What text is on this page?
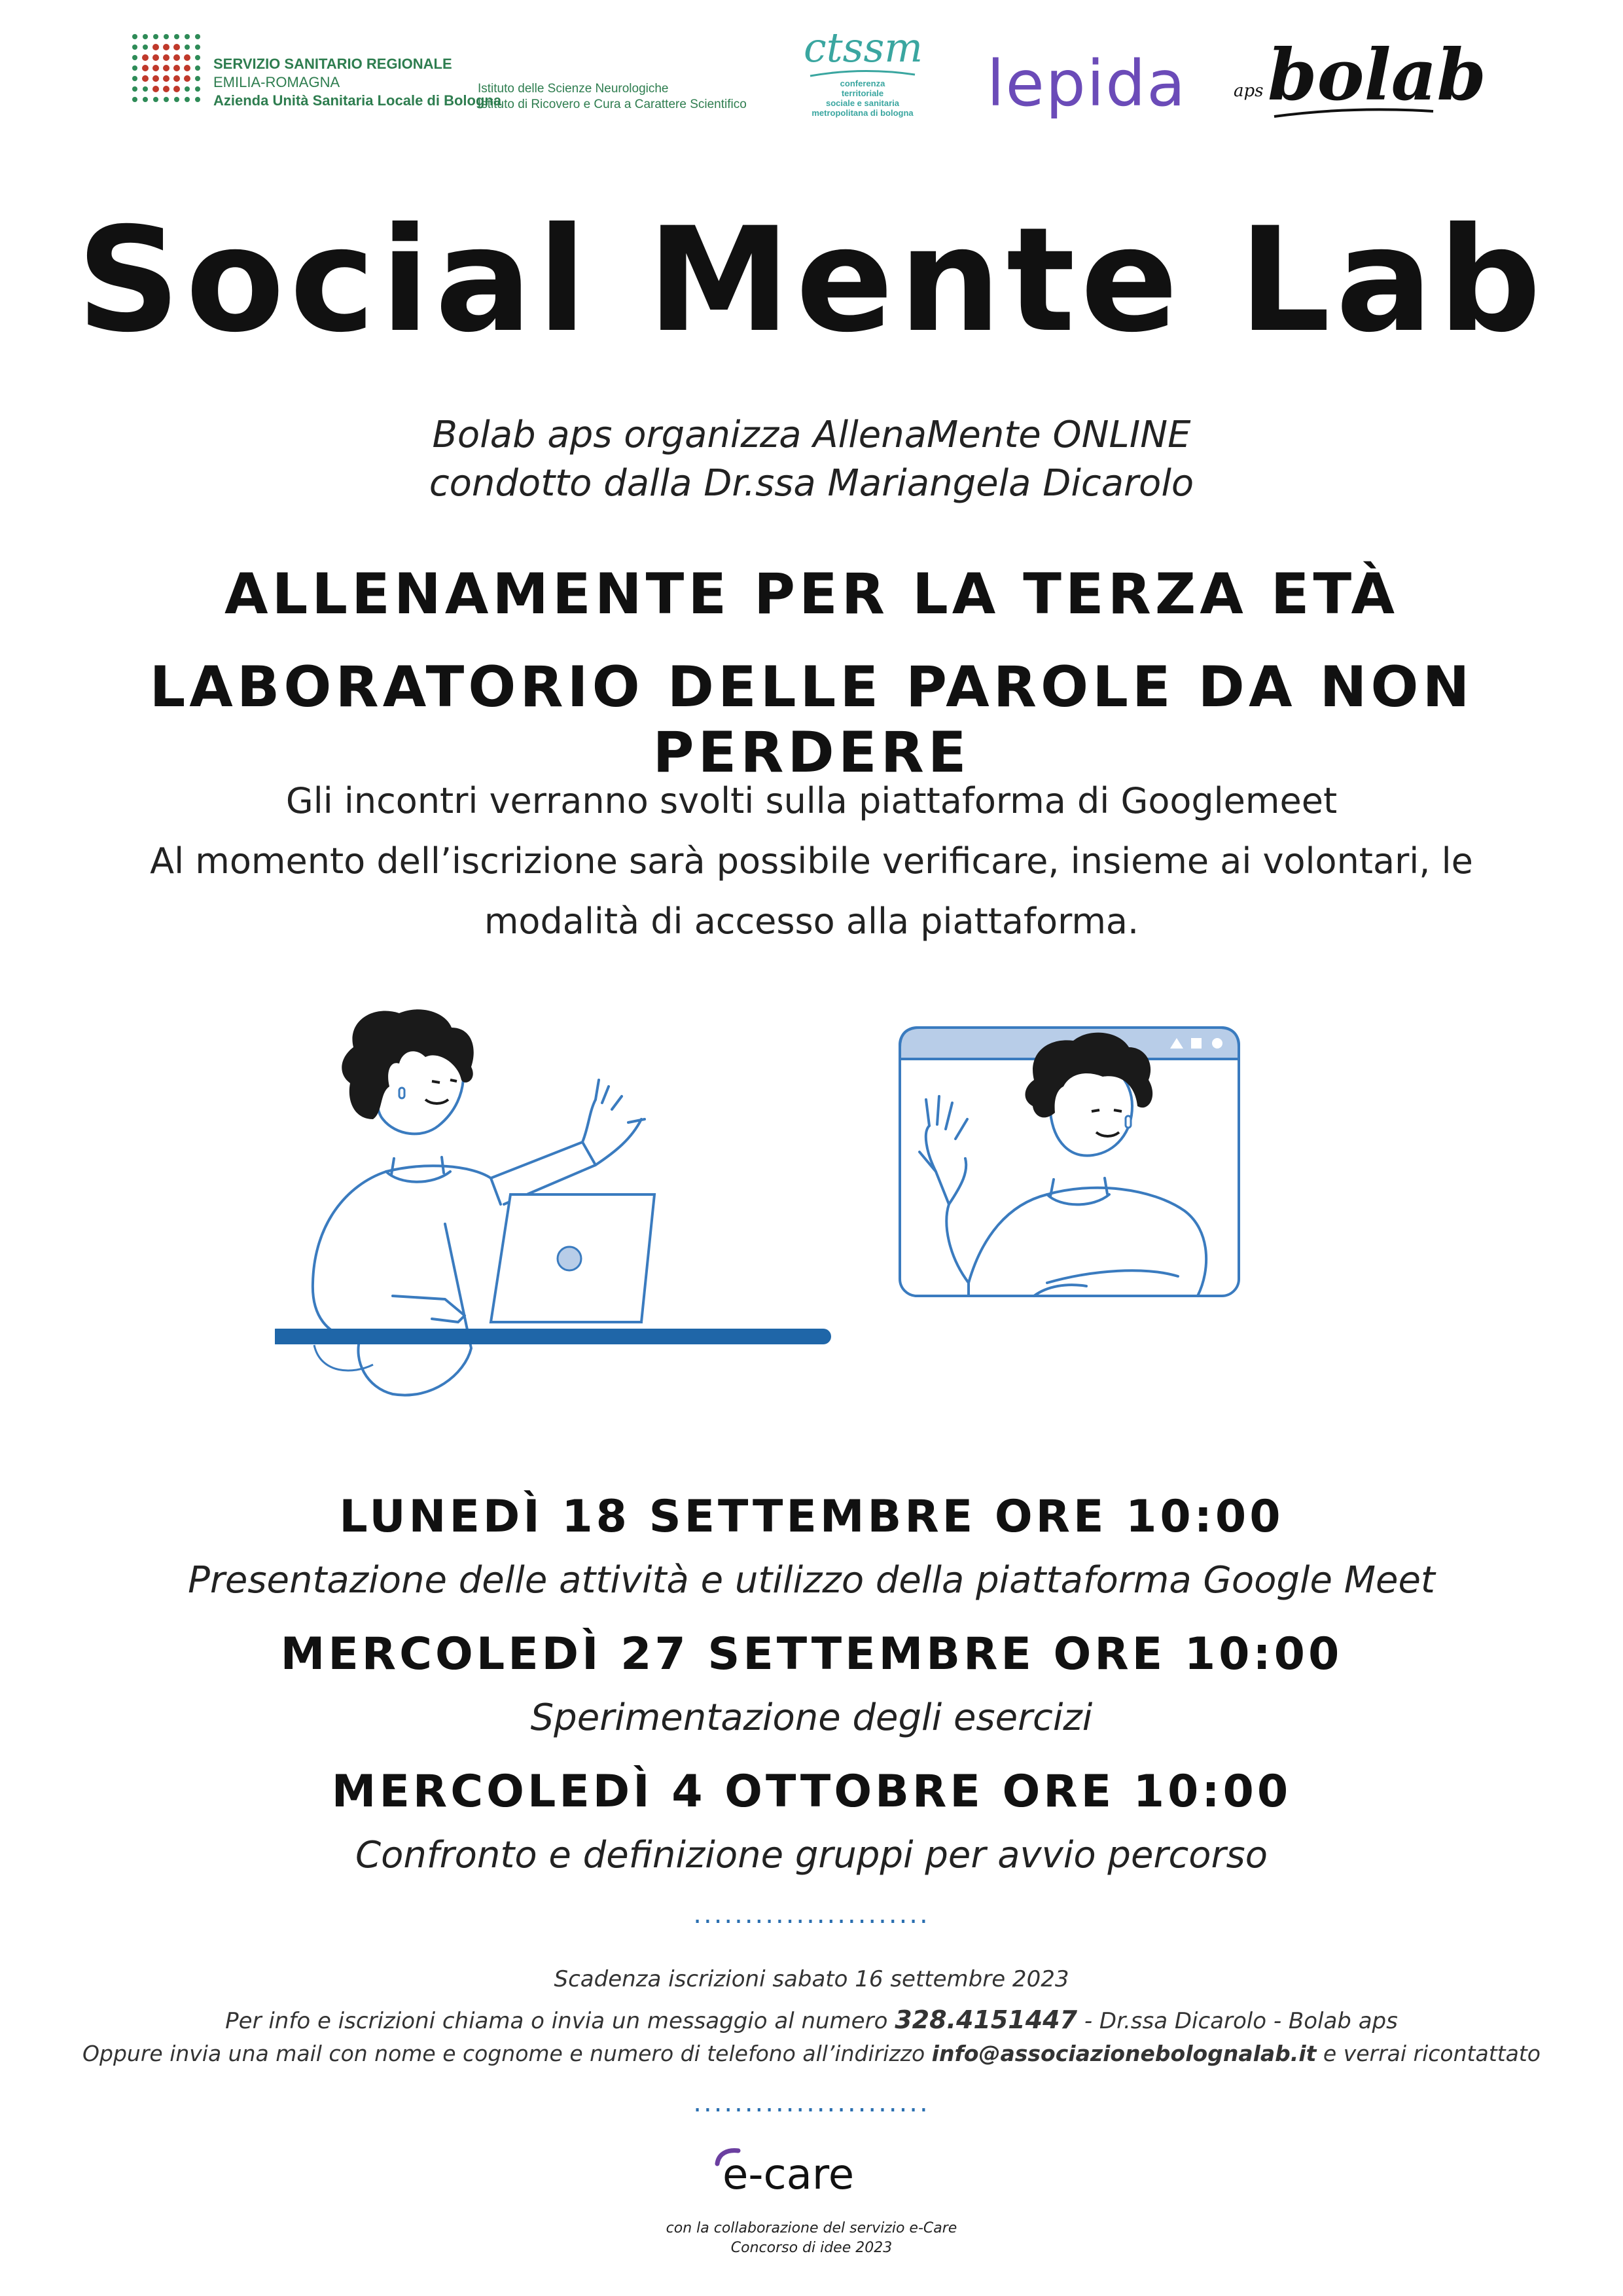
SERVIZIO SANITARIO REGIONALE
EMILIA-ROMAGNA
Azienda Unità Sanitaria Locale di Bologna
Istituto delle Scienze Neurologiche
Istituto di Ricovero e Cura a Carattere Scientifico
ctssm
conferenza
territoriale
sociale e sanitaria
metropolitana di bologna lepida	aps bolab
Social Mente Lab
Bolab aps organizza AllenaMente ONLINE
condotto dalla Dr.ssa Mariangela Dicarolo
ALLENAMENTE PER LA TERZA ETÀ
LABORATORIO DELLE PAROLE DA NON PERDERE
Gli incontri verranno svolti sulla piattaforma di Googlemeet
Al momento dell’iscrizione sarà possibile verificare, insieme ai volontari, le
modalità di accesso alla piattaforma.
LUNEDÌ 18 SETTEMBRE ORE 10:00
Presentazione delle attività e utilizzo della piattaforma Google Meet
MERCOLEDÌ 27 SETTEMBRE ORE 10:00
Sperimentazione degli esercizi
MERCOLEDÌ 4 OTTOBRE ORE 10:00
Confronto e definizione gruppi per avvio percorso
.......................
Scadenza iscrizioni sabato 16 settembre 2023
Per info e iscrizioni chiama o invia un messaggio al numero 328.4151447 - Dr.ssa Dicarolo - Bolab aps
Oppure invia una mail con nome e cognome e numero di telefono all’indirizzo info@associazionebolognalab.it e verrai ricontattato
.......................
e-care
con la collaborazione del servizio e-Care
Concorso di idee 2023
